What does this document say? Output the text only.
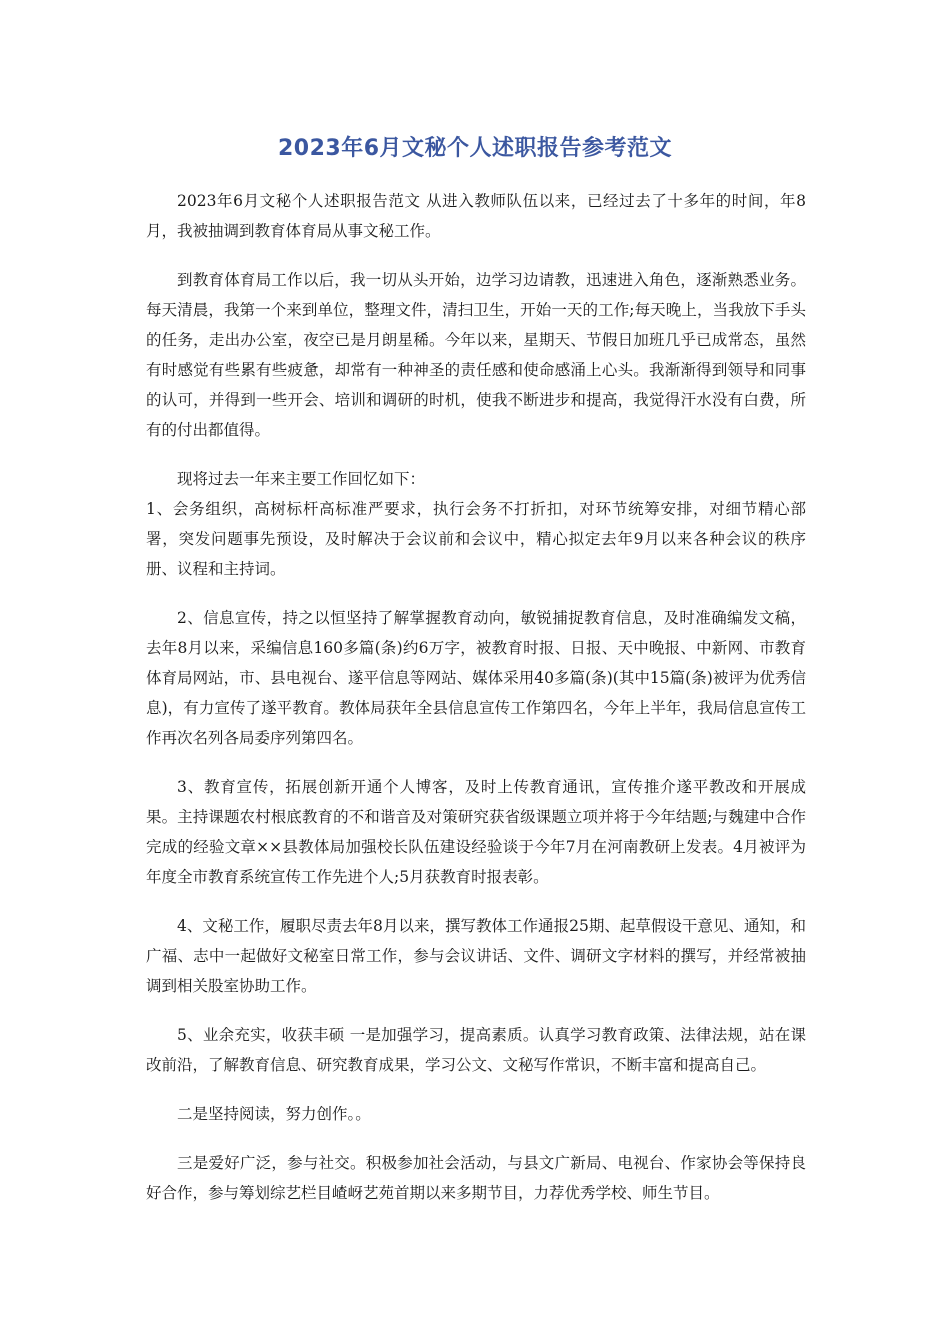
2023年6月文秘个人述职报告参考范文

2023年6月文秘个人述职报告范文 从进入教师队伍以来，已经过去了十多年的时间，年8月，我被抽调到教育体育局从事文秘工作。

到教育体育局工作以后，我一切从头开始，边学习边请教，迅速进入角色，逐渐熟悉业务。每天清晨，我第一个来到单位，整理文件，清扫卫生，开始一天的工作;每天晚上，当我放下手头的任务，走出办公室，夜空已是月朗星稀。今年以来，星期天、节假日加班几乎已成常态，虽然有时感觉有些累有些疲惫，却常有一种神圣的责任感和使命感涌上心头。我渐渐得到领导和同事的认可，并得到一些开会、培训和调研的时机，使我不断进步和提高，我觉得汗水没有白费，所有的付出都值得。

现将过去一年来主要工作回忆如下：

1、会务组织，高树标杆高标准严要求，执行会务不打折扣，对环节统筹安排，对细节精心部署，突发问题事先预设，及时解决于会议前和会议中，精心拟定去年9月以来各种会议的秩序册、议程和主持词。

2、信息宣传，持之以恒坚持了解掌握教育动向，敏锐捕捉教育信息，及时准确编发文稿，去年8月以来，采编信息160多篇(条)约6万字，被教育时报、日报、天中晚报、中新网、市教育体育局网站，市、县电视台、遂平信息等网站、媒体采用40多篇(条)(其中15篇(条)被评为优秀信息)，有力宣传了遂平教育。教体局获年全县信息宣传工作第四名，今年上半年，我局信息宣传工作再次名列各局委序列第四名。

3、教育宣传，拓展创新开通个人博客，及时上传教育通讯，宣传推介遂平教改和开展成果。主持课题农村根底教育的不和谐音及对策研究获省级课题立项并将于今年结题;与魏建中合作完成的经验文章××县教体局加强校长队伍建设经验谈于今年7月在河南教研上发表。4月被评为年度全市教育系统宣传工作先进个人;5月获教育时报表彰。

4、文秘工作，履职尽责去年8月以来，撰写教体工作通报25期、起草假设干意见、通知，和广福、志中一起做好文秘室日常工作，参与会议讲话、文件、调研文字材料的撰写，并经常被抽调到相关股室协助工作。

5、业余充实，收获丰硕 一是加强学习，提高素质。认真学习教育政策、法律法规，站在课改前沿，了解教育信息、研究教育成果，学习公文、文秘写作常识，不断丰富和提高自己。

二是坚持阅读，努力创作。。

三是爱好广泛，参与社交。积极参加社会活动，与县文广新局、电视台、作家协会等保持良好合作，参与筹划综艺栏目嵖岈艺苑首期以来多期节目，力荐优秀学校、师生节目。
